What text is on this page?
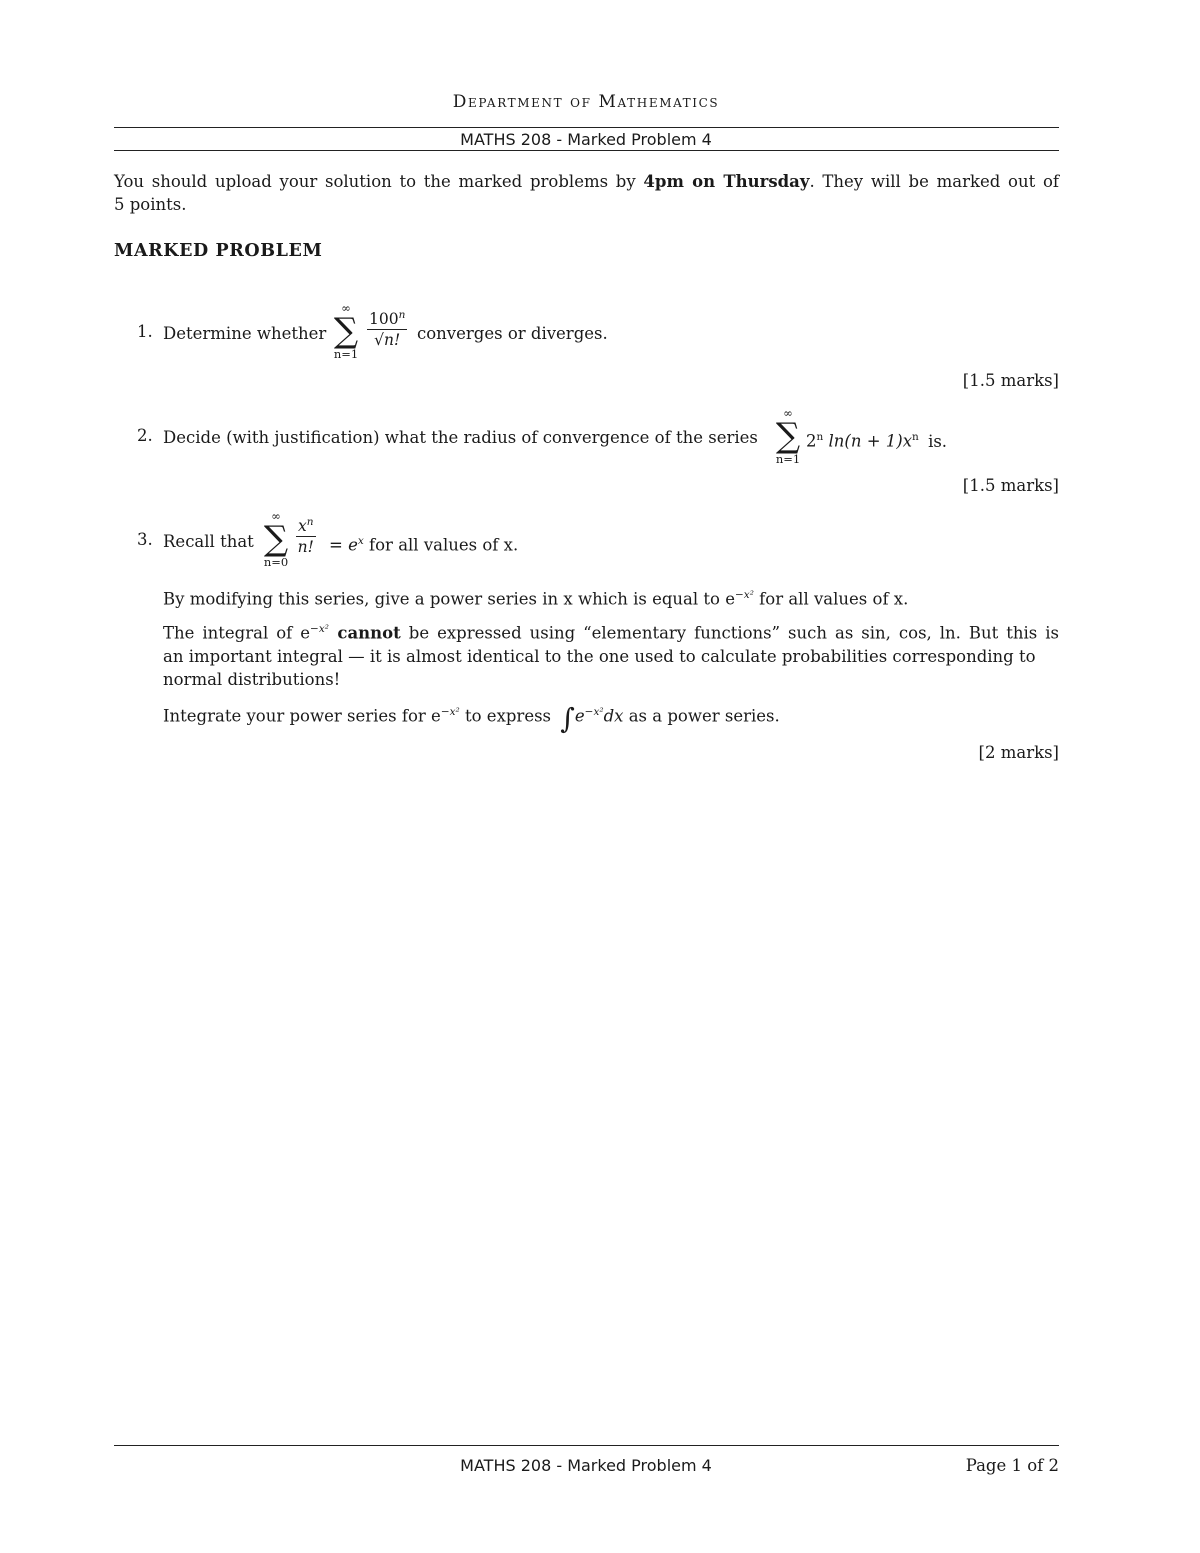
Department of Mathematics
MATHS 208 - Marked Problem 4
You should upload your solution to the marked problems by 4pm on Thursday. They will be marked out of
5 points.
MARKED PROBLEM
1. Determine whether
∞
∑
n=1
$\frac{100^n}{√n!}$ converges or diverges.
[1.5 marks]
2. Decide (with justification) what the radius of convergence of the series
∞
∑
n=1
2$^n$ $\ln(n + 1)x^n$ is.
[1.5 marks]
3. Recall that
∞
∑
n=0
$\frac{x^n}{n!} = e^x$ for all values of x.
By modifying this series, give a power series in x which is equal to $e^{-x^2}$ for all values of x.
The integral of $e^{-x^2}$ cannot be expressed using “elementary functions” such as sin, cos, ln. But this is
an important integral — it is almost identical to the one used to calculate probabilities corresponding to
normal distributions!
Integrate your power series for $e^{-x^2}$ to express $\int e^{-x^2}dx$ as a power series.
[2 marks]
MATHS 208 - Marked Problem 4	Page 1 of 2
